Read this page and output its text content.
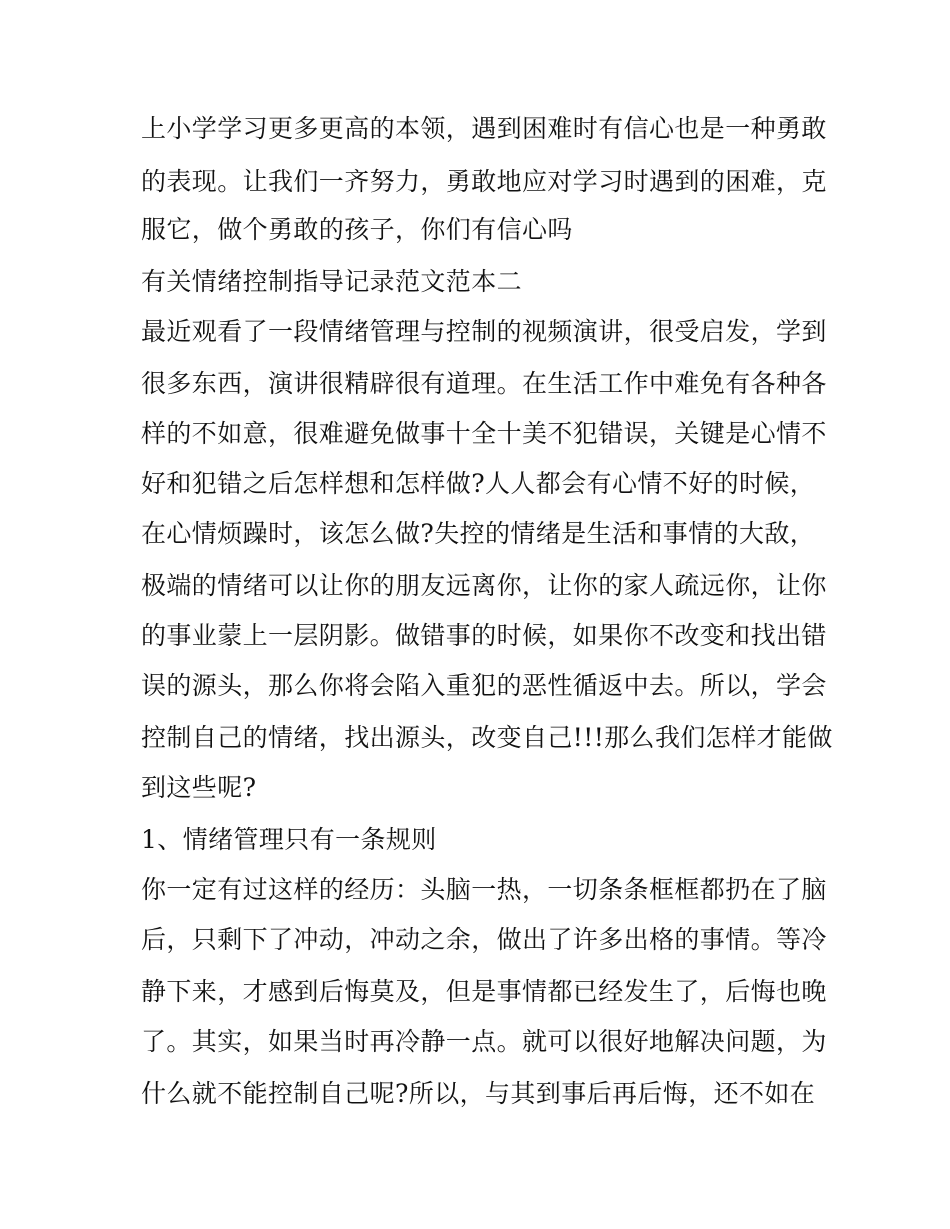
上小学学习更多更高的本领，遇到困难时有信心也是一种勇敢
的表现。让我们一齐努力，勇敢地应对学习时遇到的困难，克
服它，做个勇敢的孩子，你们有信心吗
有关情绪控制指导记录范文范本二
最近观看了一段情绪管理与控制的视频演讲，很受启发，学到
很多东西，演讲很精辟很有道理。在生活工作中难免有各种各
样的不如意，很难避免做事十全十美不犯错误，关键是心情不
好和犯错之后怎样想和怎样做?人人都会有心情不好的时候，
在心情烦躁时，该怎么做?失控的情绪是生活和事情的大敌，
极端的情绪可以让你的朋友远离你，让你的家人疏远你，让你
的事业蒙上一层阴影。做错事的时候，如果你不改变和找出错
误的源头，那么你将会陷入重犯的恶性循返中去。所以，学会
控制自己的情绪，找出源头，改变自己!!!那么我们怎样才能做
到这些呢?
1、情绪管理只有一条规则
你一定有过这样的经历：头脑一热，一切条条框框都扔在了脑
后，只剩下了冲动，冲动之余，做出了许多出格的事情。等冷
静下来，才感到后悔莫及，但是事情都已经发生了，后悔也晚
了。其实，如果当时再冷静一点。就可以很好地解决问题，为
什么就不能控制自己呢?所以，与其到事后再后悔，还不如在
